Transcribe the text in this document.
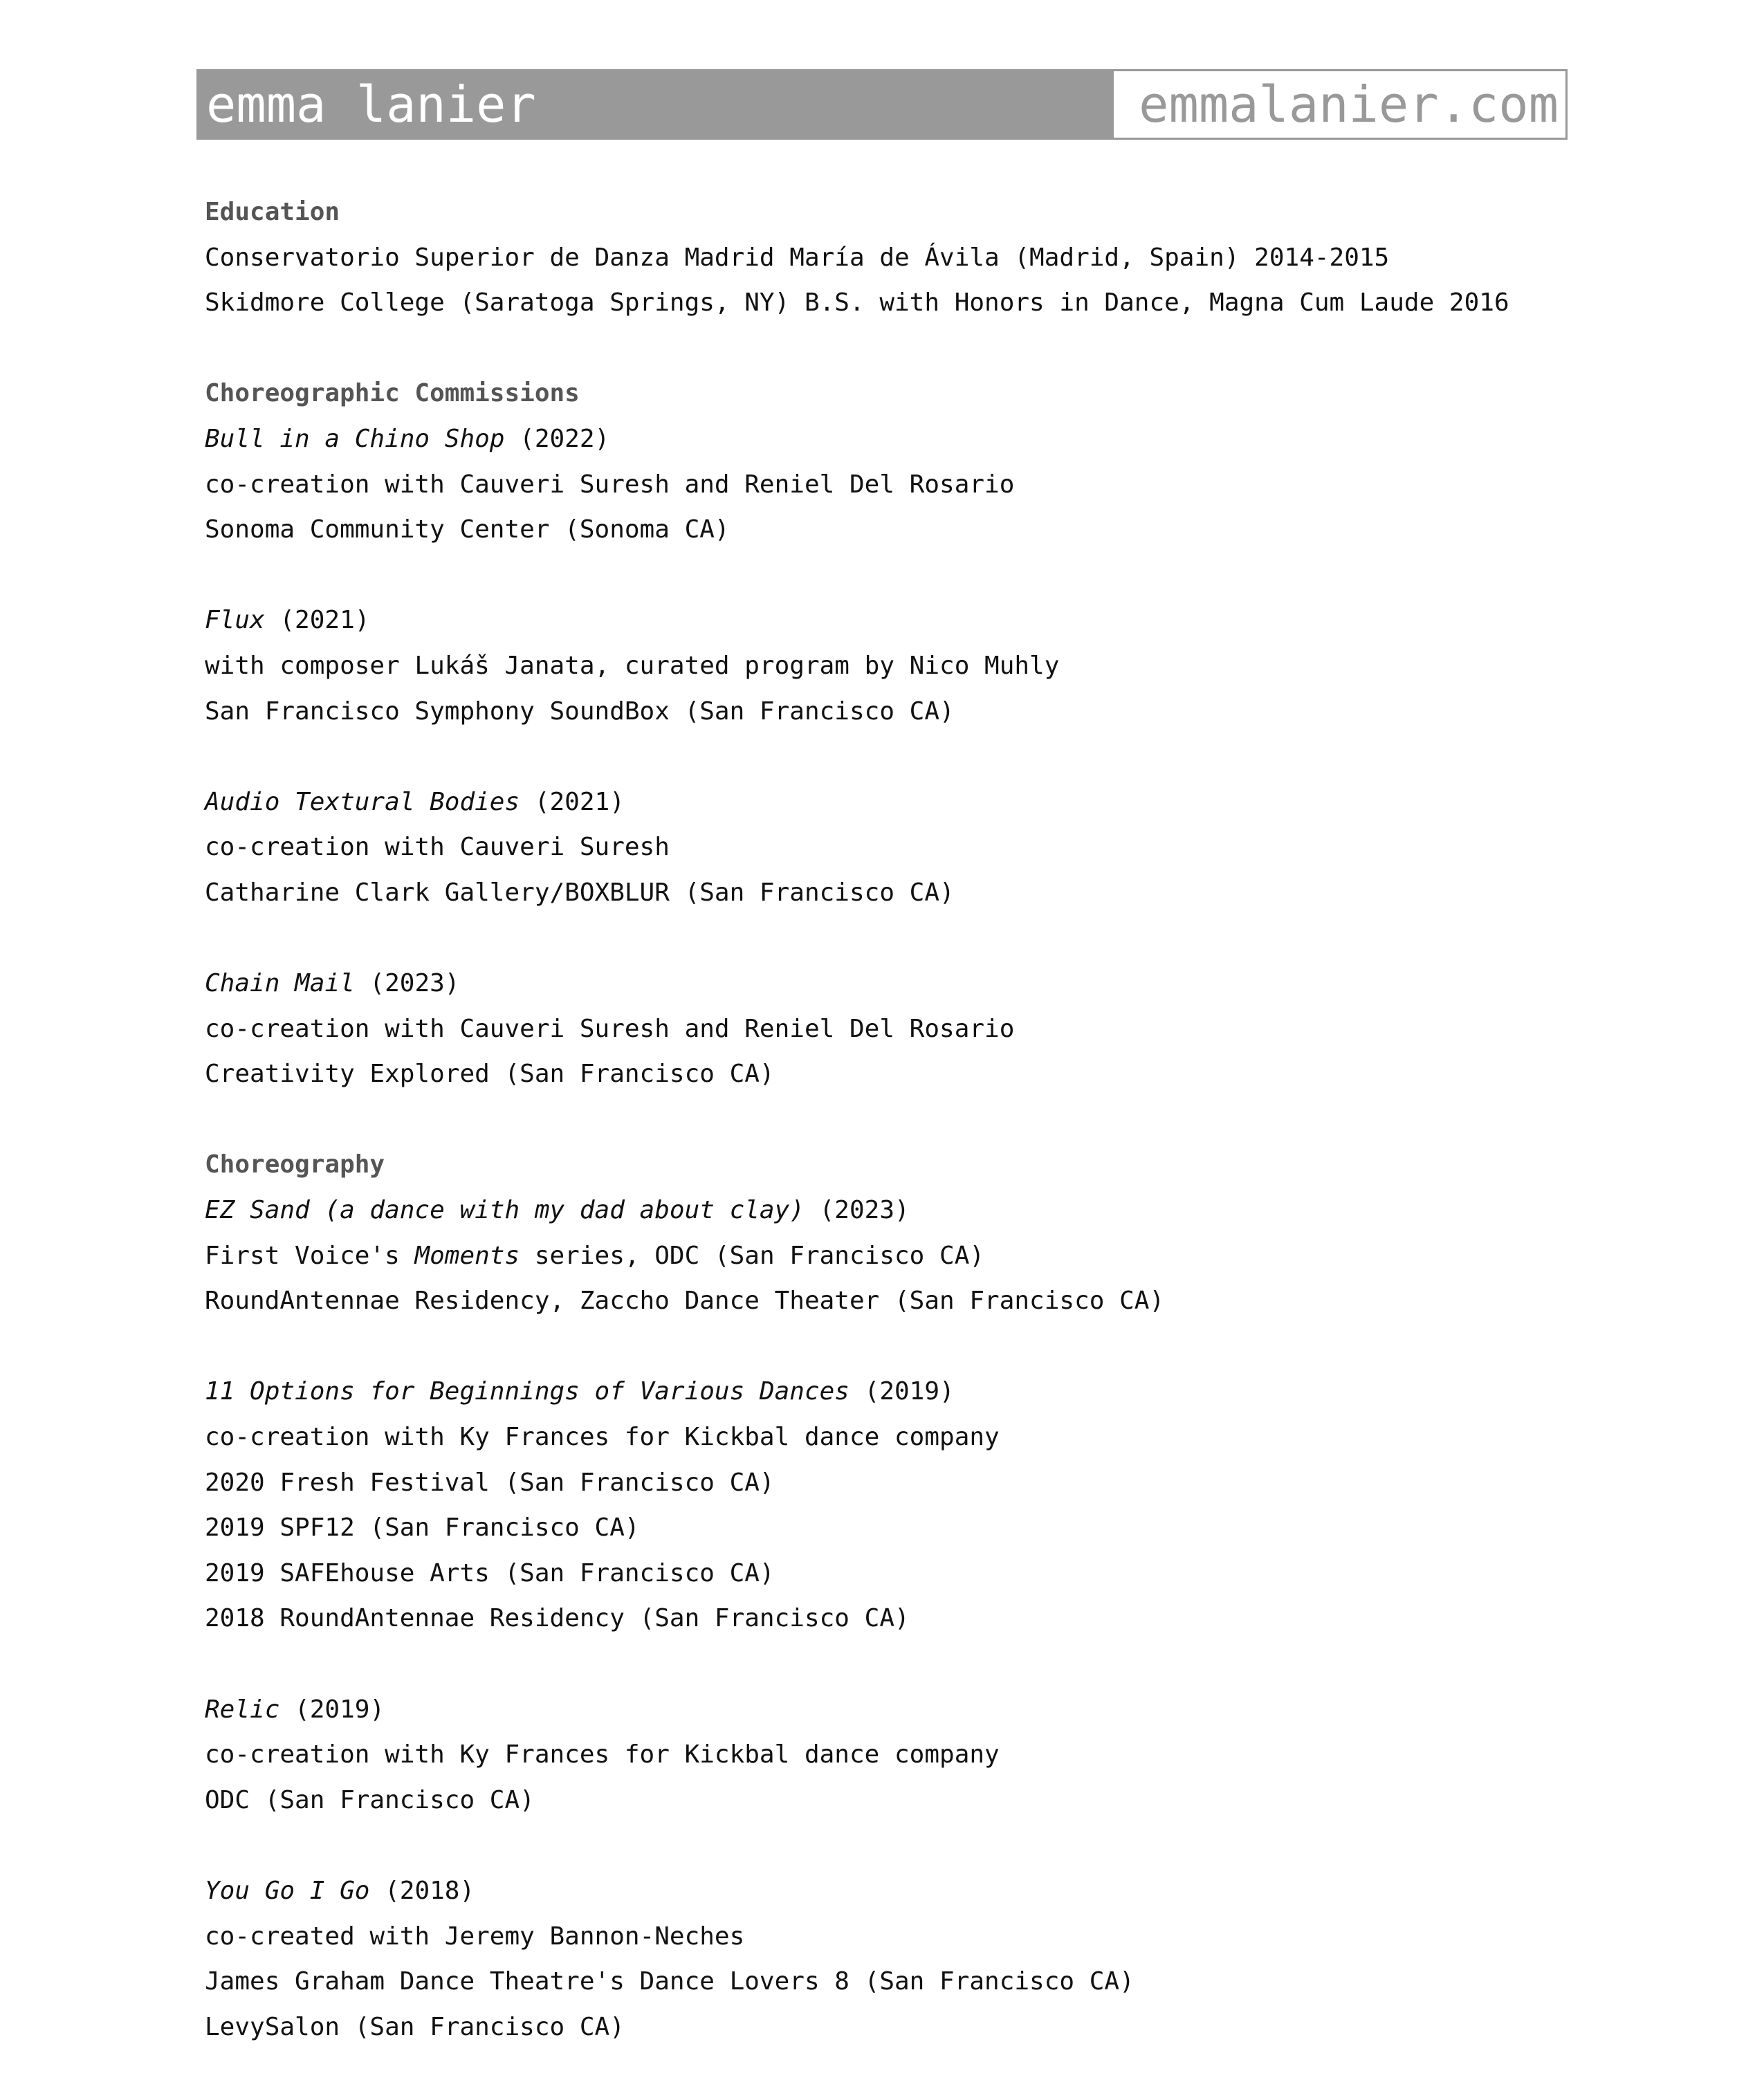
emma lanier	emmalanier.com
Education
Conservatorio Superior de Danza Madrid María de Ávila (Madrid, Spain) 2014-2015
Skidmore College (Saratoga Springs, NY) B.S. with Honors in Dance, Magna Cum Laude 2016
Choreographic Commissions
Bull in a Chino Shop (2022)
co-creation with Cauveri Suresh and Reniel Del Rosario
Sonoma Community Center (Sonoma CA)
Flux (2021)
with composer Lukáš Janata, curated program by Nico Muhly
San Francisco Symphony SoundBox (San Francisco CA)
Audio Textural Bodies (2021)
co-creation with Cauveri Suresh
Catharine Clark Gallery/BOXBLUR (San Francisco CA)
Chain Mail (2023)
co-creation with Cauveri Suresh and Reniel Del Rosario
Creativity Explored (San Francisco CA)
Choreography
EZ Sand (a dance with my dad about clay) (2023)
First Voice's Moments series, ODC (San Francisco CA)
RoundAntennae Residency, Zaccho Dance Theater (San Francisco CA)
11 Options for Beginnings of Various Dances (2019)
co-creation with Ky Frances for Kickbal dance company
2020 Fresh Festival (San Francisco CA)
2019 SPF12 (San Francisco CA)
2019 SAFEhouse Arts (San Francisco CA)
2018 RoundAntennae Residency (San Francisco CA)
Relic (2019)
co-creation with Ky Frances for Kickbal dance company
ODC (San Francisco CA)
You Go I Go (2018)
co-created with Jeremy Bannon-Neches
James Graham Dance Theatre's Dance Lovers 8 (San Francisco CA)
LevySalon (San Francisco CA)
